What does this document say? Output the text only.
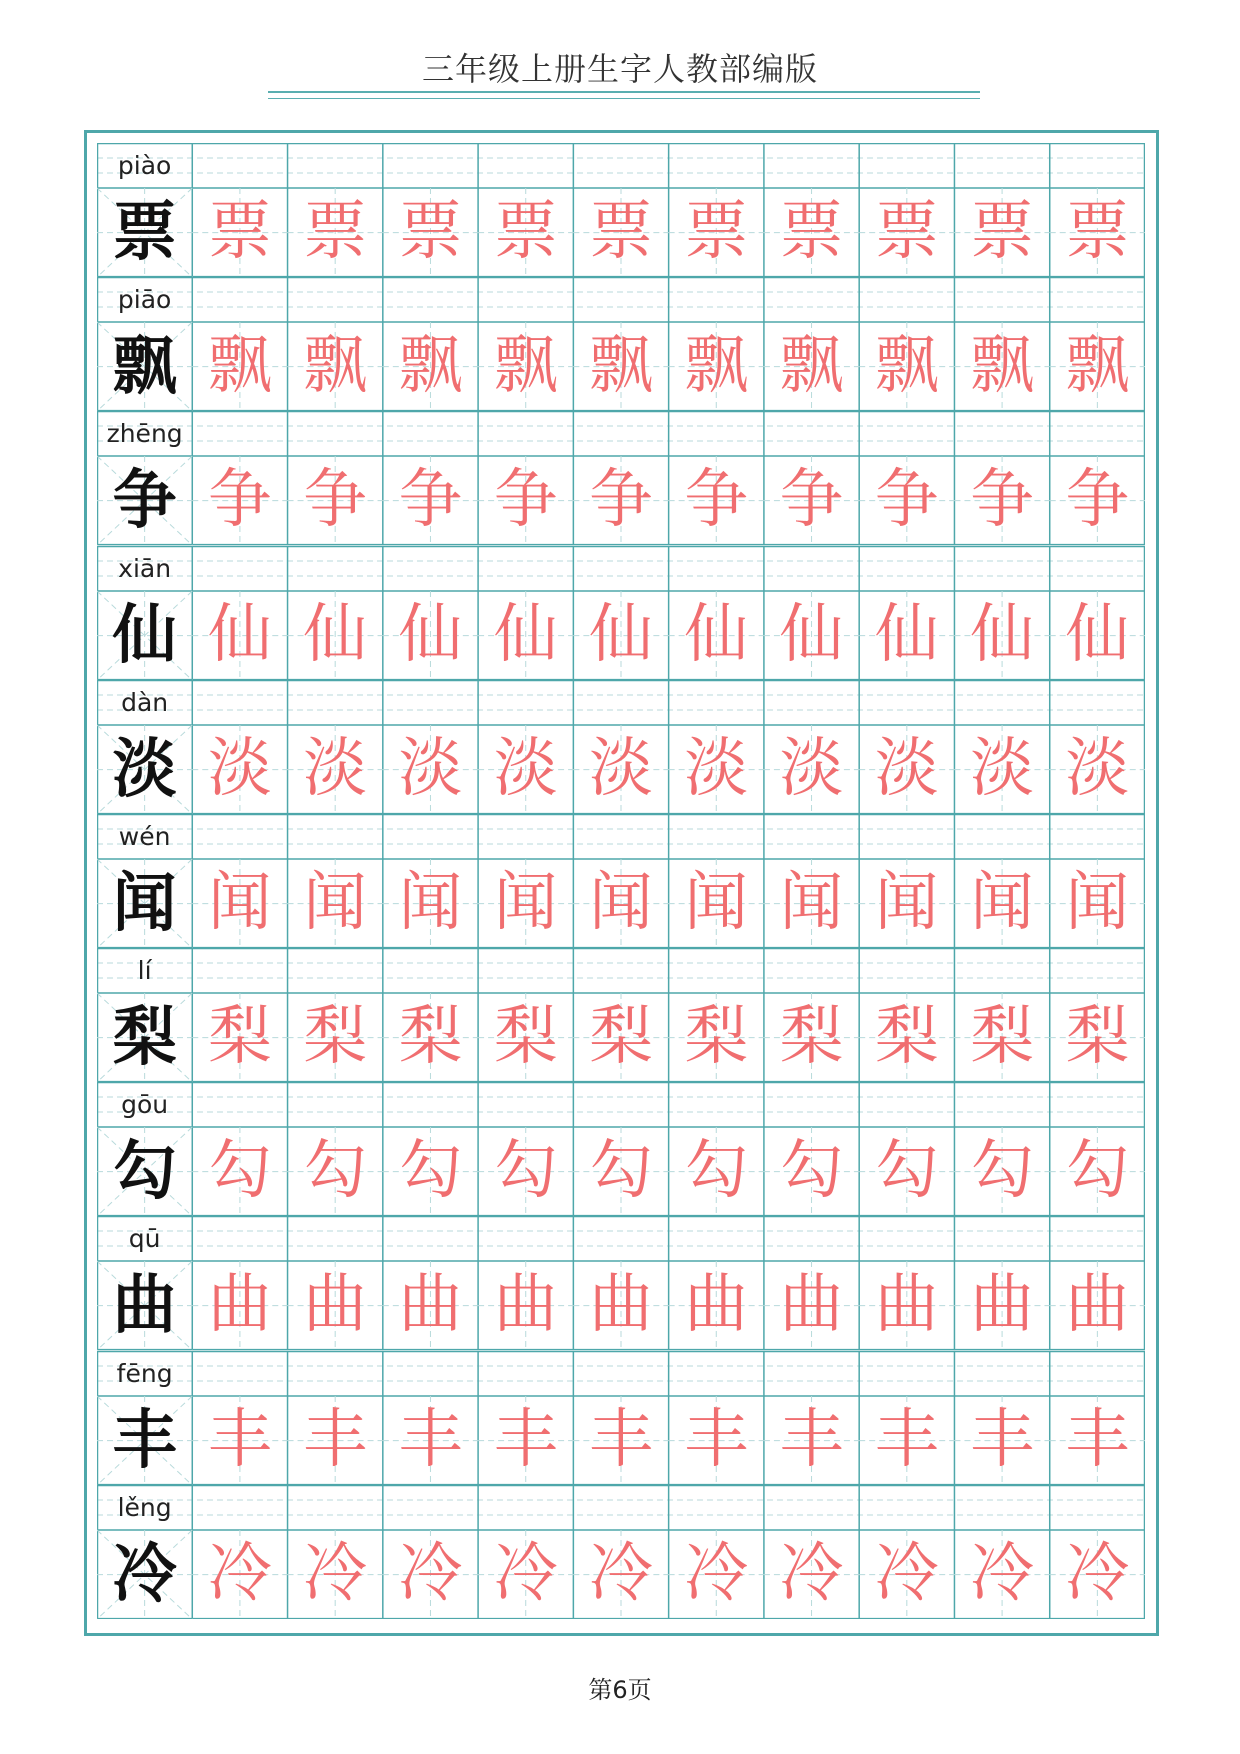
三年级上册生字人教部编版
piào
票 票 票 票 票 票 票 票 票 票 票
piāo
飘 飘 飘 飘 飘 飘 飘 飘 飘 飘 飘
zhēng
争 争 争 争 争 争 争 争 争 争 争
xiān
仙 仙 仙 仙 仙 仙 仙 仙 仙 仙 仙
dàn
淡 淡 淡 淡 淡 淡 淡 淡 淡 淡 淡
wén
闻 闻 闻 闻 闻 闻 闻 闻 闻 闻 闻
lí
梨 梨 梨 梨 梨 梨 梨 梨 梨 梨 梨
gōu
勾 勾 勾 勾 勾 勾 勾 勾 勾 勾 勾
qū
曲 曲 曲 曲 曲 曲 曲 曲 曲 曲 曲
fēng
丰 丰 丰 丰 丰 丰 丰 丰 丰 丰 丰
lěng
冷 冷 冷 冷 冷 冷 冷 冷 冷 冷 冷
第6页
